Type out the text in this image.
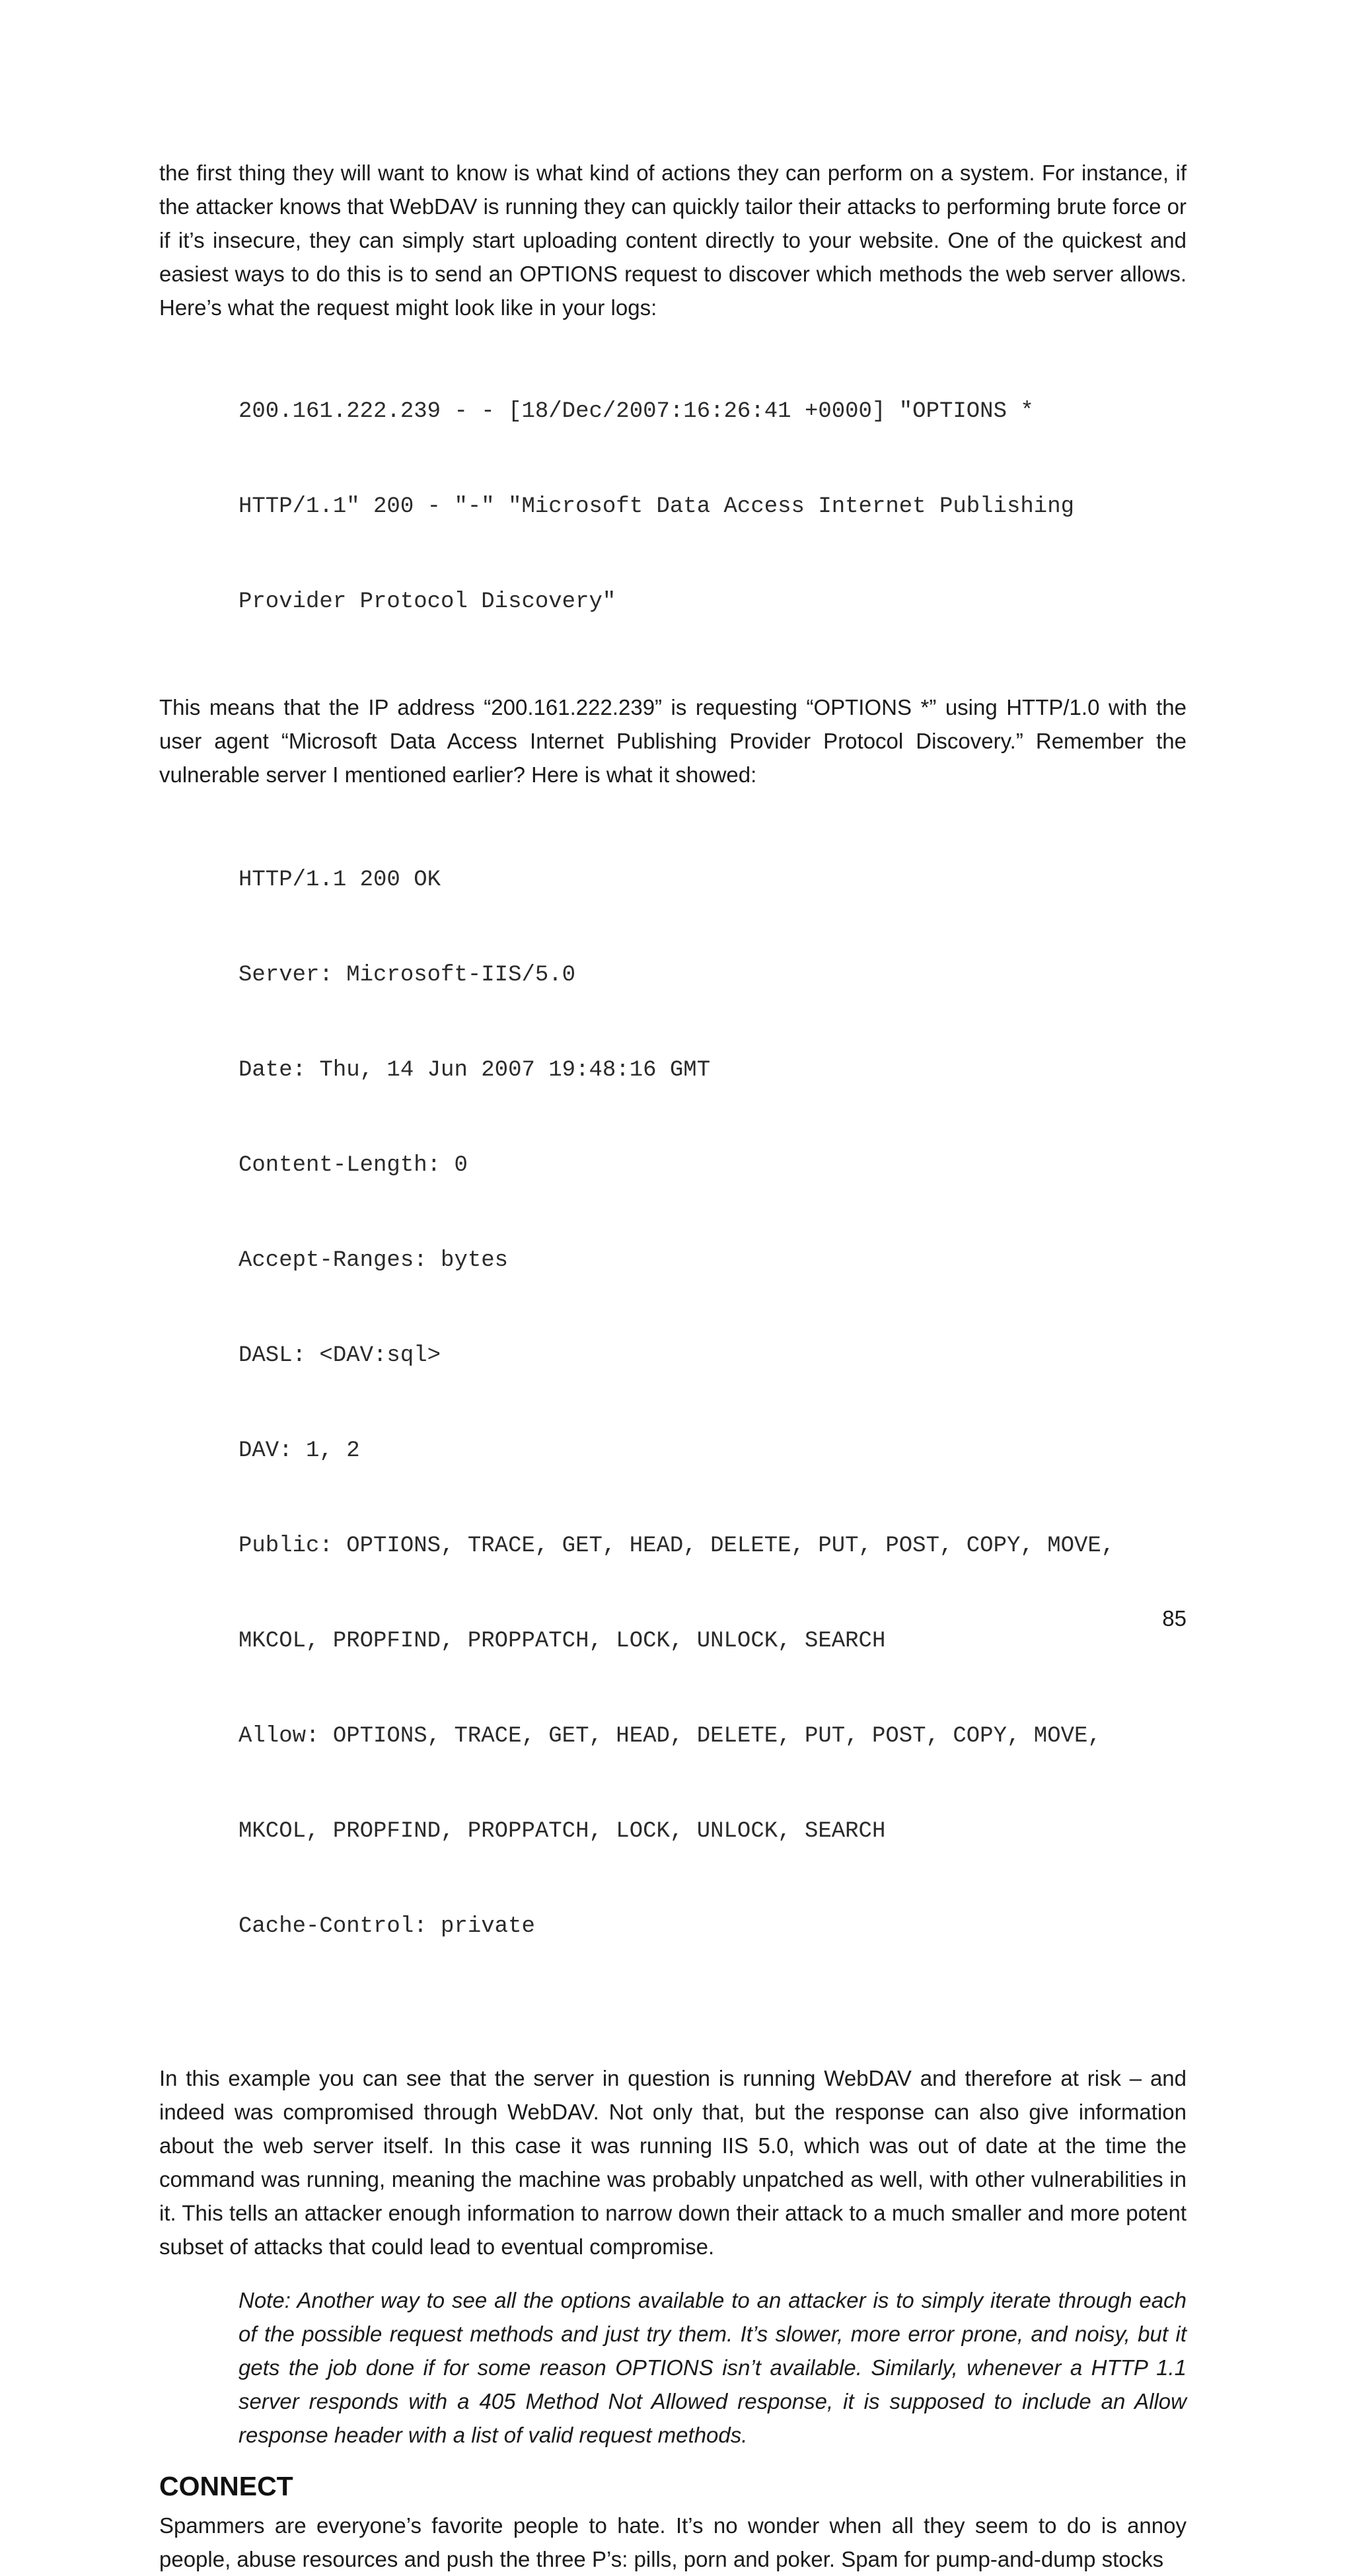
the first thing they will want to know is what kind of actions they can perform on a system. For instance, if the attacker knows that WebDAV is running they can quickly tailor their attacks to performing brute force or if it’s insecure, they can simply start uploading content directly to your website. One of the quickest and easiest ways to do this is to send an OPTIONS request to discover which methods the web server allows. Here’s what the request might look like in your logs:

200.161.222.239 - - [18/Dec/2007:16:26:41 +0000] "OPTIONS *

HTTP/1.1" 200 - "-" "Microsoft Data Access Internet Publishing

Provider Protocol Discovery"

This means that the IP address “200.161.222.239” is requesting “OPTIONS *” using HTTP/1.0 with the user agent “Microsoft Data Access Internet Publishing Provider Protocol Discovery.” Remember the vulnerable server I mentioned earlier? Here is what it showed:

HTTP/1.1 200 OK

Server: Microsoft-IIS/5.0

Date: Thu, 14 Jun 2007 19:48:16 GMT

Content-Length: 0

Accept-Ranges: bytes

DASL: <DAV:sql>

DAV: 1, 2

Public: OPTIONS, TRACE, GET, HEAD, DELETE, PUT, POST, COPY, MOVE,

MKCOL, PROPFIND, PROPPATCH, LOCK, UNLOCK, SEARCH

Allow: OPTIONS, TRACE, GET, HEAD, DELETE, PUT, POST, COPY, MOVE,

MKCOL, PROPFIND, PROPPATCH, LOCK, UNLOCK, SEARCH

Cache-Control: private

In this example you can see that the server in question is running WebDAV and therefore at risk – and indeed was compromised through WebDAV. Not only that, but the response can also give information about the web server itself. In this case it was running IIS 5.0, which was out of date at the time the command was running, meaning the machine was probably unpatched as well, with other vulnerabilities in it. This tells an attacker enough information to narrow down their attack to a much smaller and more potent subset of attacks that could lead to eventual compromise.

Note: Another way to see all the options available to an attacker is to simply iterate through each of the possible request methods and just try them. It’s slower, more error prone, and noisy, but it gets the job done if for some reason OPTIONS isn’t available. Similarly, whenever a HTTP 1.1 server responds with a 405 Method Not Allowed response, it is supposed to include an Allow response header with a list of valid request methods.

CONNECT

Spammers are everyone’s favorite people to hate. It’s no wonder when all they seem to do is annoy people, abuse resources and push the three P’s: pills, porn and poker. Spam for pump-and-dump stocks

85
